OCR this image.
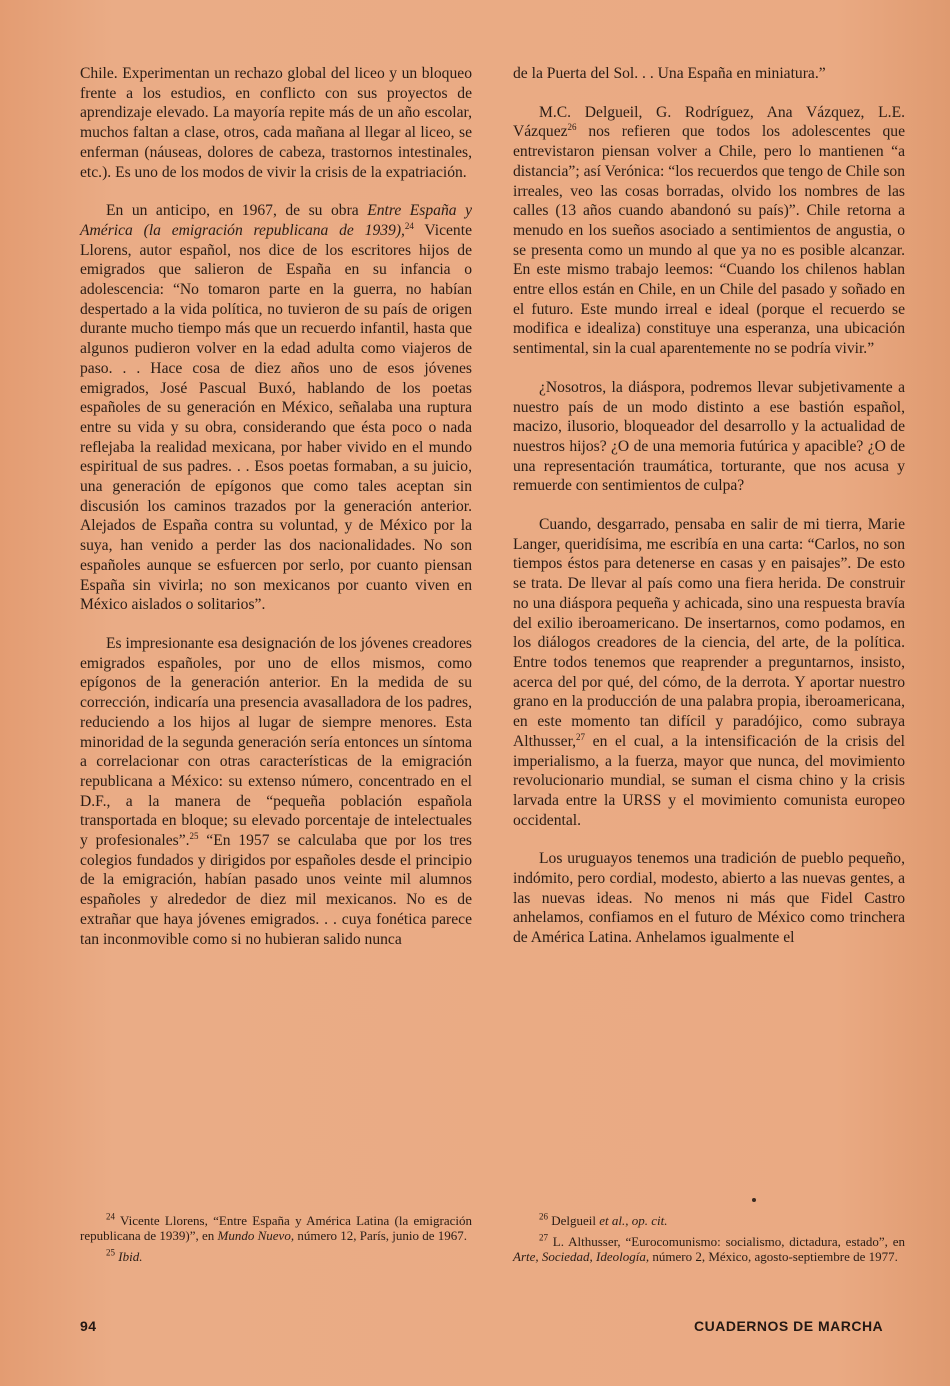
Chile. Experimentan un rechazo global del liceo y un bloqueo frente a los estudios, en conflicto con sus proyectos de aprendizaje elevado. La mayoría repite más de un año escolar, muchos faltan a clase, otros, cada mañana al llegar al liceo, se enferman (náuseas, dolores de cabeza, trastornos intestinales, etc.). Es uno de los modos de vivir la crisis de la expatriación.

En un anticipo, en 1967, de su obra Entre España y América (la emigración republicana de 1939),$^{24}$ Vicente Llorens, autor español, nos dice de los escritores hijos de emigrados que salieron de España en su infancia o adolescencia: “No tomaron parte en la guerra, no habían despertado a la vida política, no tuvieron de su país de origen durante mucho tiempo más que un recuerdo infantil, hasta que algunos pudieron volver en la edad adulta como viajeros de paso. . . Hace cosa de diez años uno de esos jóvenes emigrados, José Pascual Buxó, hablando de los poetas españoles de su generación en México, señalaba una ruptura entre su vida y su obra, considerando que ésta poco o nada reflejaba la realidad mexicana, por haber vivido en el mundo espiritual de sus padres. . . Esos poetas formaban, a su juicio, una generación de epígonos que como tales aceptan sin discusión los caminos trazados por la generación anterior. Alejados de España contra su voluntad, y de México por la suya, han venido a perder las dos nacionalidades. No son españoles aunque se esfuercen por serlo, por cuanto piensan España sin vivirla; no son mexicanos por cuanto viven en México aislados o solitarios”.

Es impresionante esa designación de los jóvenes creadores emigrados españoles, por uno de ellos mismos, como epígonos de la generación anterior. En la medida de su corrección, indicaría una presencia avasalladora de los padres, reduciendo a los hijos al lugar de siempre menores. Esta minoridad de la segunda generación sería entonces un síntoma a correlacionar con otras características de la emigración republicana a México: su extenso número, concentrado en el D.F., a la manera de “pequeña población española transportada en bloque; su elevado porcentaje de intelectuales y profesionales”.$^{25}$ “En 1957 se calculaba que por los tres colegios fundados y dirigidos por españoles desde el principio de la emigración, habían pasado unos veinte mil alumnos españoles y alrededor de diez mil mexicanos. No es de extrañar que haya jóvenes emigrados. . . cuya fonética parece tan inconmovible como si no hubieran salido nunca

de la Puerta del Sol. . . Una España en miniatura.”

M.C. Delgueil, G. Rodríguez, Ana Vázquez, L.E. Vázquez$^{26}$ nos refieren que todos los adolescentes que entrevistaron piensan volver a Chile, pero lo mantienen “a distancia”; así Verónica: “los recuerdos que tengo de Chile son irreales, veo las cosas borradas, olvido los nombres de las calles (13 años cuando abandonó su país)”. Chile retorna a menudo en los sueños asociado a sentimientos de angustia, o se presenta como un mundo al que ya no es posible alcanzar. En este mismo trabajo leemos: “Cuando los chilenos hablan entre ellos están en Chile, en un Chile del pasado y soñado en el futuro. Este mundo irreal e ideal (porque el recuerdo se modifica e idealiza) constituye una esperanza, una ubicación sentimental, sin la cual aparentemente no se podría vivir.”

¿Nosotros, la diáspora, podremos llevar subjetivamente a nuestro país de un modo distinto a ese bastión español, macizo, ilusorio, bloqueador del desarrollo y la actualidad de nuestros hijos? ¿O de una memoria futúrica y apacible? ¿O de una representación traumática, torturante, que nos acusa y remuerde con sentimientos de culpa?

Cuando, desgarrado, pensaba en salir de mi tierra, Marie Langer, queridísima, me escribía en una carta: “Carlos, no son tiempos éstos para detenerse en casas y en paisajes”. De esto se trata. De llevar al país como una fiera herida. De construir no una diáspora pequeña y achicada, sino una respuesta bravía del exilio iberoamericano. De insertarnos, como podamos, en los diálogos creadores de la ciencia, del arte, de la política. Entre todos tenemos que reaprender a preguntarnos, insisto, acerca del por qué, del cómo, de la derrota. Y aportar nuestro grano en la producción de una palabra propia, iberoamericana, en este momento tan difícil y paradójico, como subraya Althusser,$^{27}$ en el cual, a la intensificación de la crisis del imperialismo, a la fuerza, mayor que nunca, del movimiento revolucionario mundial, se suman el cisma chino y la crisis larvada entre la URSS y el movimiento comunista europeo occidental.

Los uruguayos tenemos una tradición de pueblo pequeño, indómito, pero cordial, modesto, abierto a las nuevas gentes, a las nuevas ideas. No menos ni más que Fidel Castro anhelamos, confiamos en el futuro de México como trinchera de América Latina. Anhelamos igualmente el

$^{24}$ Vicente Llorens, “Entre España y América Latina (la emigración republicana de 1939)”, en Mundo Nuevo, número 12, París, junio de 1967.

$^{25}$ Ibid.

$^{26}$ Delgueil et al., op. cit.

$^{27}$ L. Althusser, “Eurocomunismo: socialismo, dictadura, estado”, en Arte, Sociedad, Ideología, número 2, México, agosto-septiembre de 1977.

94	CUADERNOS DE MARCHA
